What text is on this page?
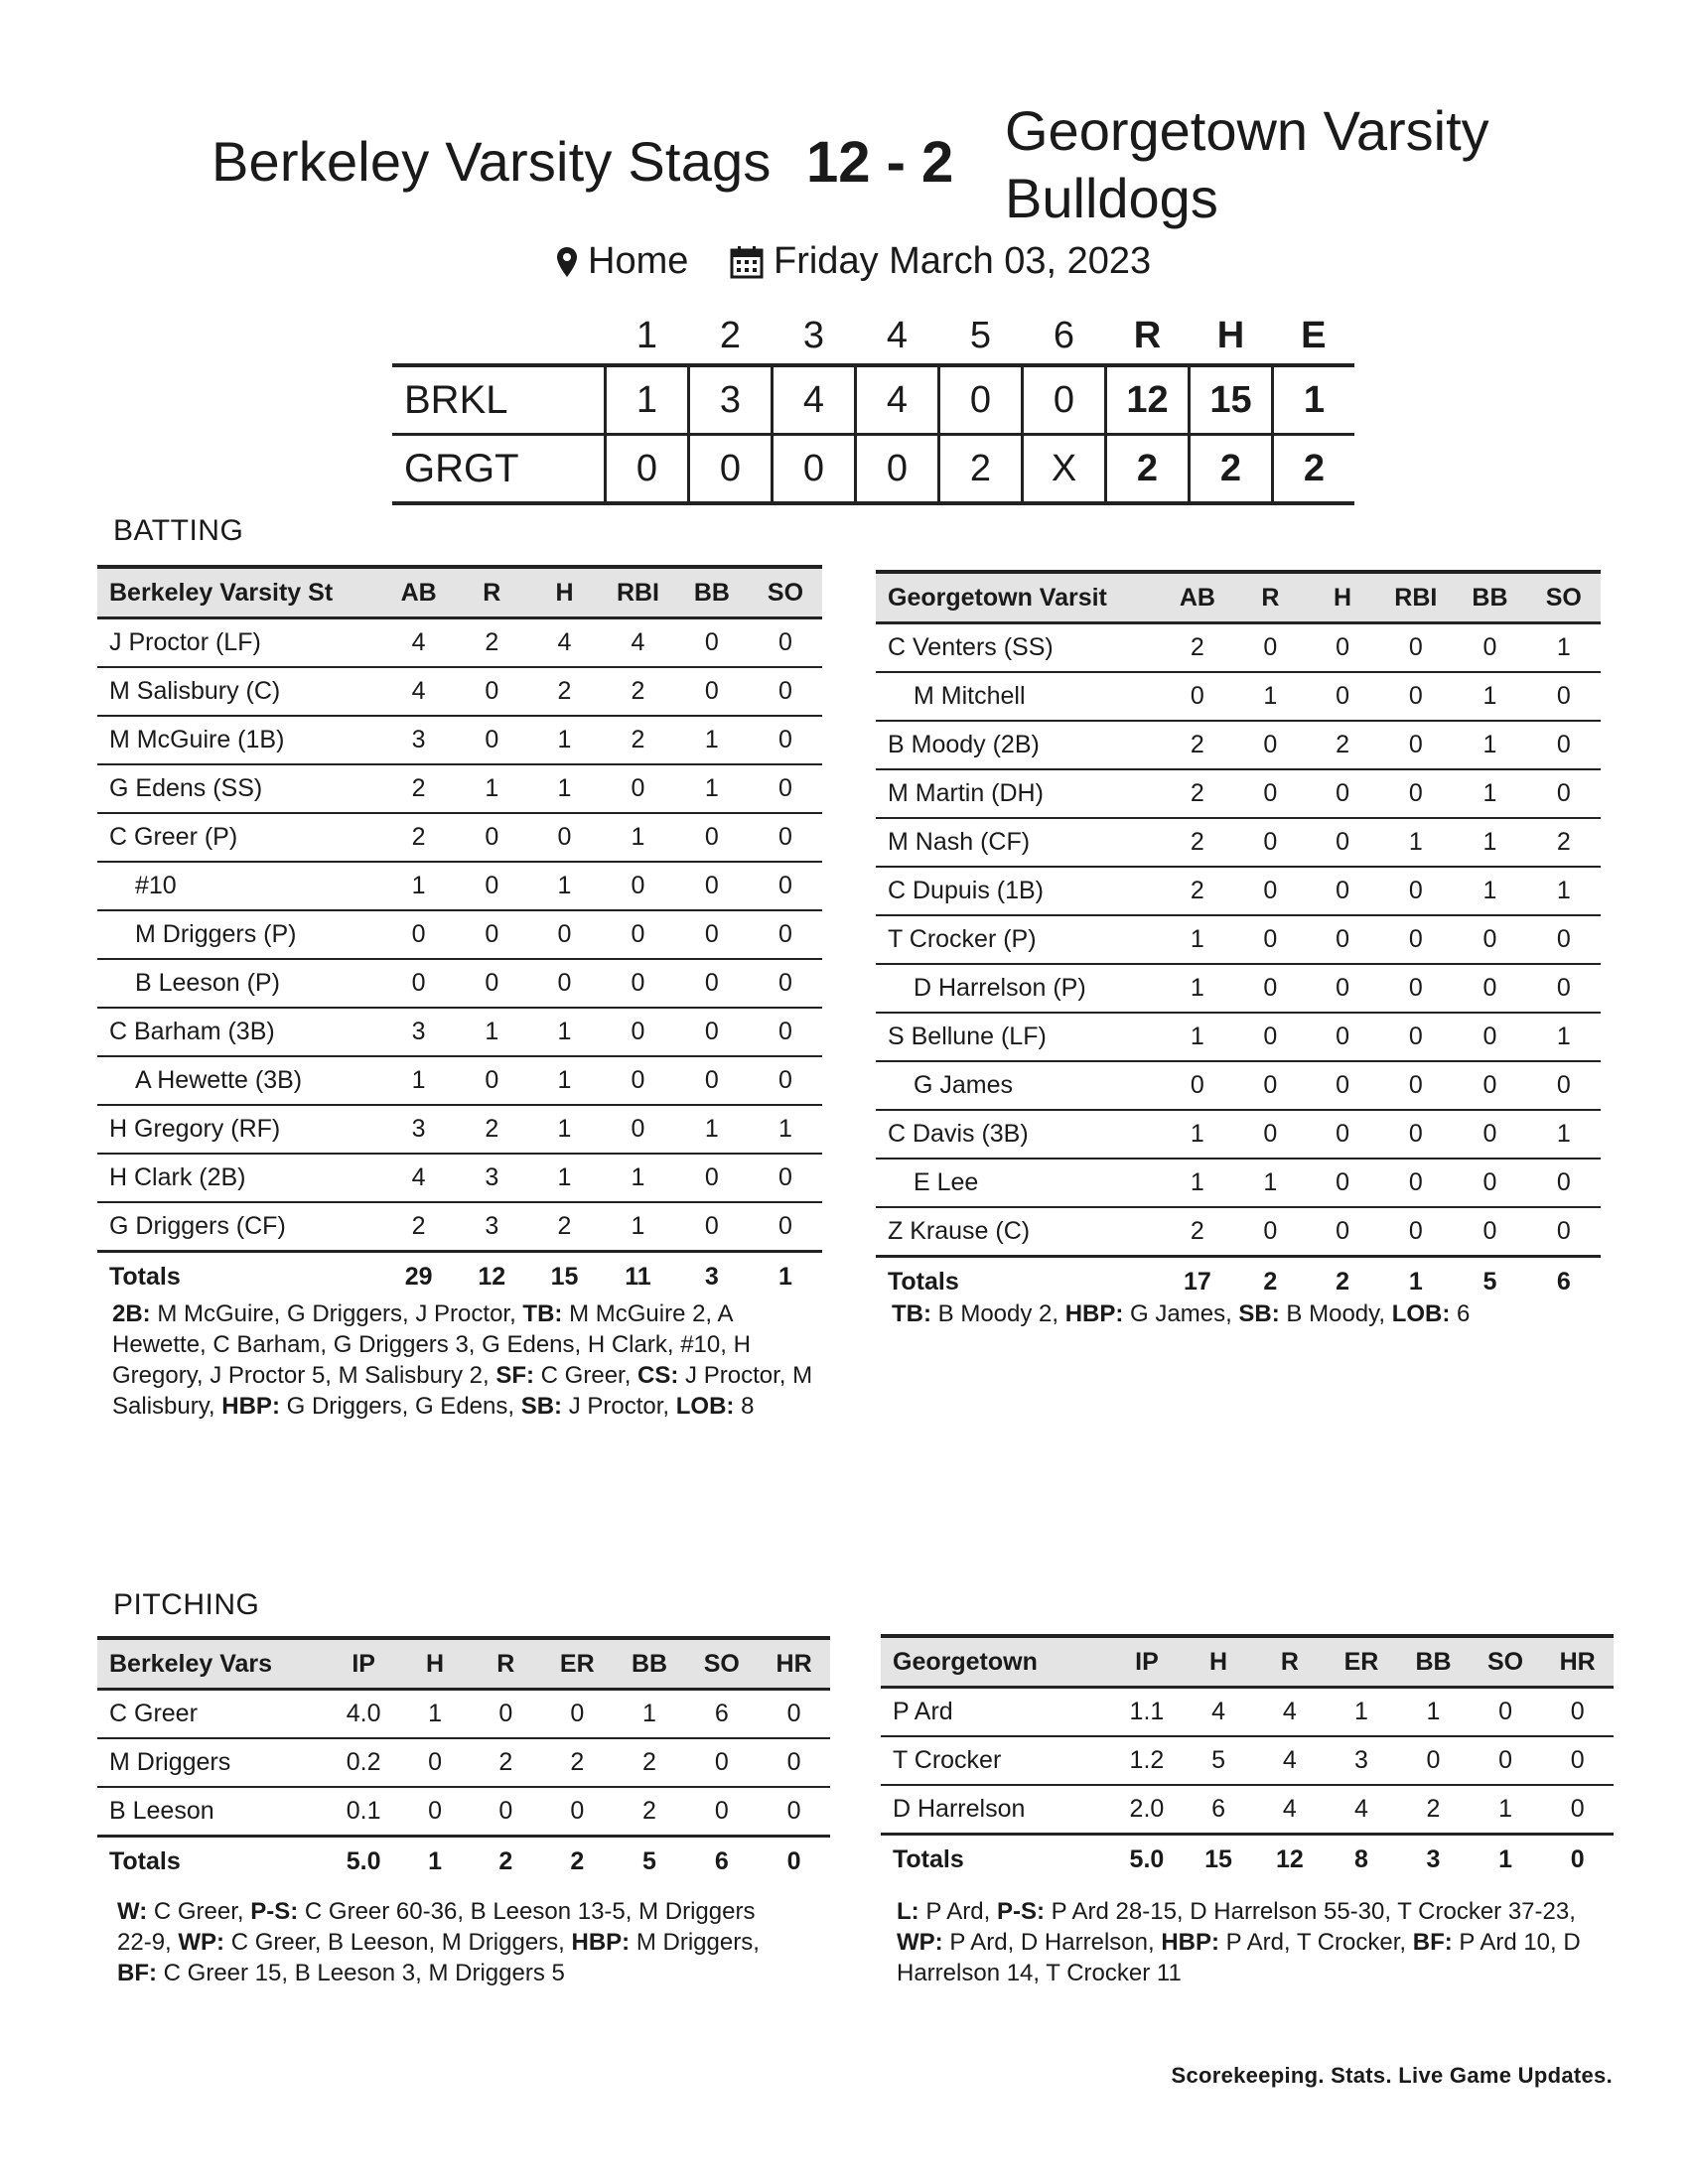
Berkeley Varsity Stags 12 - 2 Georgetown Varsity Bulldogs
Home Friday March 03, 2023
	1	2	3	4	5	6	R	H	E
BRKL	1	3	4	4	0	0	12	15	1
GRGT	0	0	0	0	2	X	2	2	2
BATTING
Berkeley Varsity St	AB	R	H	RBI	BB	SO
J Proctor (LF)	4	2	4	4	0	0
M Salisbury (C)	4	0	2	2	0	0
M McGuire (1B)	3	0	1	2	1	0
G Edens (SS)	2	1	1	0	1	0
C Greer (P)	2	0	0	1	0	0
#10	1	0	1	0	0	0
M Driggers (P)	0	0	0	0	0	0
B Leeson (P)	0	0	0	0	0	0
C Barham (3B)	3	1	1	0	0	0
A Hewette (3B)	1	0	1	0	0	0
H Gregory (RF)	3	2	1	0	1	1
H Clark (2B)	4	3	1	1	0	0
G Driggers (CF)	2	3	2	1	0	0
Totals	29	12	15	11	3	1
Georgetown Varsit	AB	R	H	RBI	BB	SO
C Venters (SS)	2	0	0	0	0	1
M Mitchell	0	1	0	0	1	0
B Moody (2B)	2	0	2	0	1	0
M Martin (DH)	2	0	0	0	1	0
M Nash (CF)	2	0	0	1	1	2
C Dupuis (1B)	2	0	0	0	1	1
T Crocker (P)	1	0	0	0	0	0
D Harrelson (P)	1	0	0	0	0	0
S Bellune (LF)	1	0	0	0	0	1
G James	0	0	0	0	0	0
C Davis (3B)	1	0	0	0	0	1
E Lee	1	1	0	0	0	0
Z Krause (C)	2	0	0	0	0	0
Totals	17	2	2	1	5	6
2B: M McGuire, G Driggers, J Proctor, TB: M McGuire 2, A Hewette, C Barham, G Driggers 3, G Edens, H Clark, #10, H Gregory, J Proctor 5, M Salisbury 2, SF: C Greer, CS: J Proctor, M Salisbury, HBP: G Driggers, G Edens, SB: J Proctor, LOB: 8
TB: B Moody 2, HBP: G James, SB: B Moody, LOB: 6
PITCHING
Berkeley Vars	IP	H	R	ER	BB	SO	HR
C Greer	4.0	1	0	0	1	6	0
M Driggers	0.2	0	2	2	2	0	0
B Leeson	0.1	0	0	0	2	0	0
Totals	5.0	1	2	2	5	6	0
Georgetown	IP	H	R	ER	BB	SO	HR
P Ard	1.1	4	4	1	1	0	0
T Crocker	1.2	5	4	3	0	0	0
D Harrelson	2.0	6	4	4	2	1	0
Totals	5.0	15	12	8	3	1	0
W: C Greer, P-S: C Greer 60-36, B Leeson 13-5, M Driggers 22-9, WP: C Greer, B Leeson, M Driggers, HBP: M Driggers, BF: C Greer 15, B Leeson 3, M Driggers 5
L: P Ard, P-S: P Ard 28-15, D Harrelson 55-30, T Crocker 37-23, WP: P Ard, D Harrelson, HBP: P Ard, T Crocker, BF: P Ard 10, D Harrelson 14, T Crocker 11
Scorekeeping. Stats. Live Game Updates.
